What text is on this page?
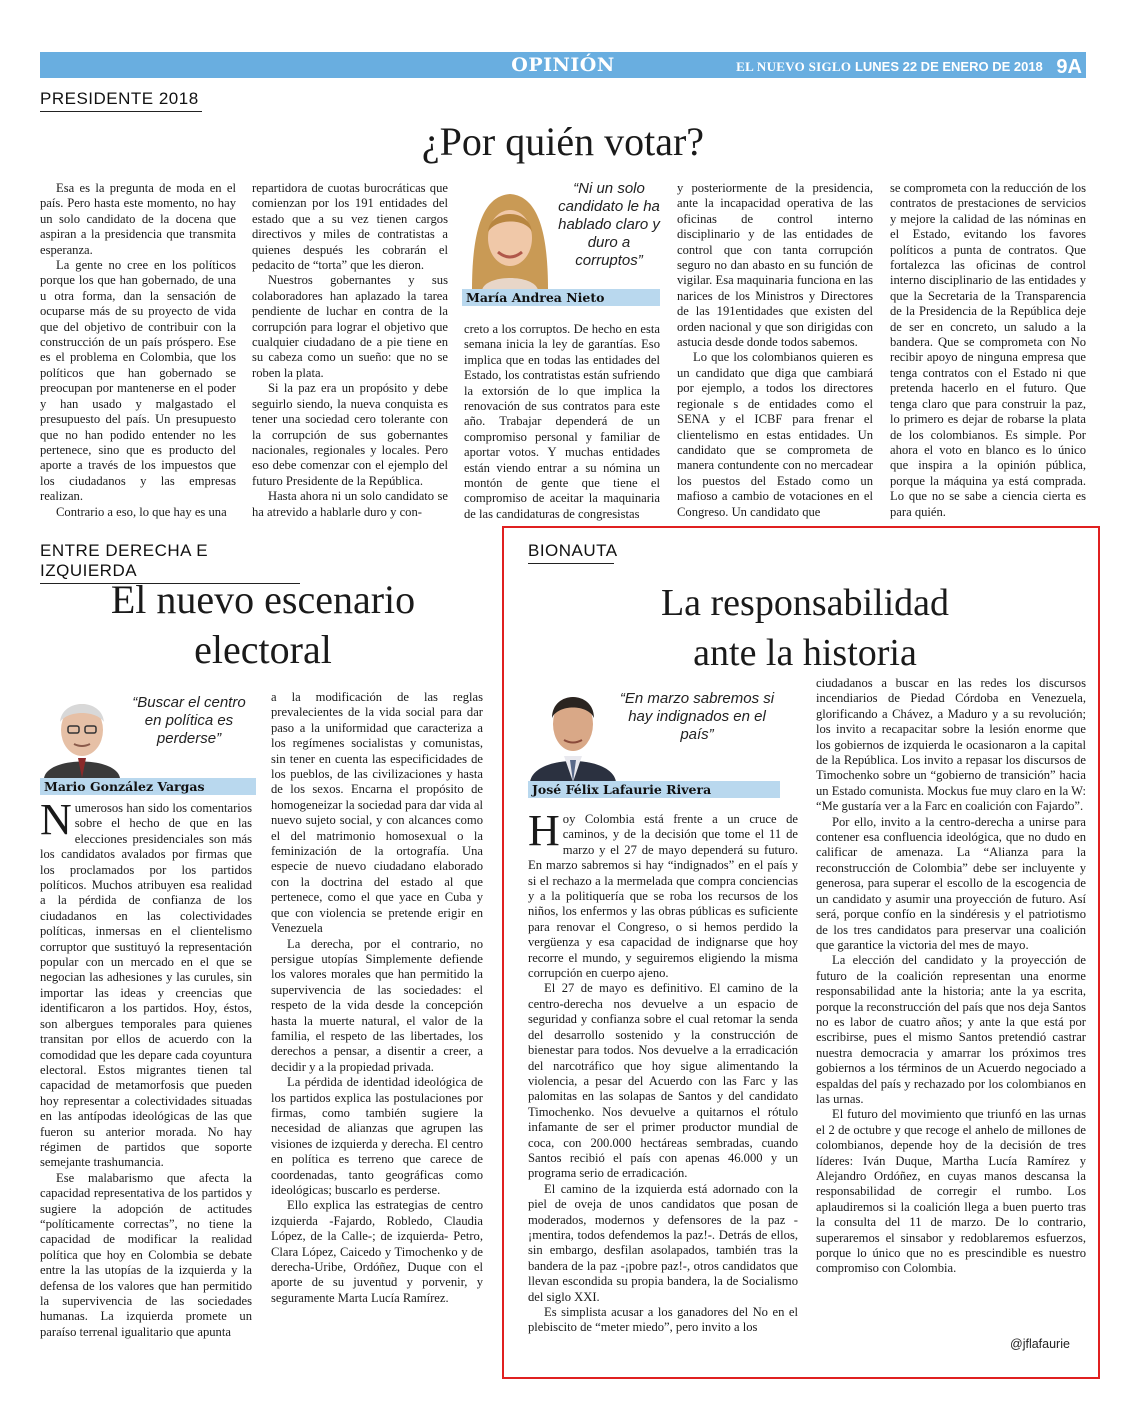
OPINIÓN	EL NUEVO SIGLO LUNES 22 DE ENERO DE 2018 9A
PRESIDENTE 2018
¿Por quién votar?

Esa es la pregunta de moda en el país. Pero hasta este momento, no hay un solo candidato de la docena que aspiran a la presidencia que transmita esperanza.

La gente no cree en los políticos porque los que han gobernado, de una u otra forma, dan la sensación de ocuparse más de su proyecto de vida que del objetivo de contribuir con la construcción de un país próspero. Ese es el problema en Colombia, que los políticos que han gobernado se preocupan por mantenerse en el poder y han usado y malgastado el presupuesto del país. Un presupuesto que no han podido entender no les pertenece, sino que es producto del aporte a través de los impuestos que los ciudadanos y las empresas realizan.

Contrario a eso, lo que hay es una

repartidora de cuotas burocráticas que comienzan por los 191 entidades del estado que a su vez tienen cargos directivos y miles de contratistas a quienes después les cobrarán el pedacito de “torta” que les dieron.

Nuestros gobernantes y sus colaboradores han aplazado la tarea pendiente de luchar en contra de la corrupción para lograr el objetivo que cualquier ciudadano de a pie tiene en su cabeza como un sueño: que no se roben la plata.

Si la paz era un propósito y debe seguirlo siendo, la nueva conquista es tener una sociedad cero tolerante con la corrupción de sus gobernantes nacionales, regionales y locales. Pero eso debe comenzar con el ejemplo del futuro Presidente de la República.

Hasta ahora ni un solo candidato se ha atrevido a hablarle duro y con-

“Ni un solo candidato le ha hablado claro y duro a corruptos”
María Andrea Nieto

creto a los corruptos. De hecho en esta semana inicia la ley de garantías. Eso implica que en todas las entidades del Estado, los contratistas están sufriendo la extorsión de lo que implica la renovación de sus contratos para este año. Trabajar dependerá de un compromiso personal y familiar de aportar votos. Y muchas entidades están viendo entrar a su nómina un montón de gente que tiene el compromiso de aceitar la maquinaria de las candidaturas de congresistas

y posteriormente de la presidencia, ante la incapacidad operativa de las oficinas de control interno disciplinario y de las entidades de control que con tanta corrupción seguro no dan abasto en su función de vigilar. Esa maquinaria funciona en las narices de los Ministros y Directores de las 191entidades que existen del orden nacional y que son dirigidas con astucia desde donde todos sabemos.

Lo que los colombianos quieren es un candidato que diga que cambiará por ejemplo, a todos los directores regionale s de entidades como el SENA y el ICBF para frenar el clientelismo en estas entidades. Un candidato que se comprometa de manera contundente con no mercadear los puestos del Estado como un mafioso a cambio de votaciones en el Congreso. Un candidato que

se comprometa con la reducción de los contratos de prestaciones de servicios y mejore la calidad de las nóminas en el Estado, evitando los favores políticos a punta de contratos. Que fortalezca las oficinas de control interno disciplinario de las entidades y que la Secretaria de la Transparencia de la Presidencia de la República deje de ser en concreto, un saludo a la bandera. Que se comprometa con No recibir apoyo de ninguna empresa que tenga contratos con el Estado ni que pretenda hacerlo en el futuro. Que tenga claro que para construir la paz, lo primero es dejar de robarse la plata de los colombianos. Es simple. Por ahora el voto en blanco es lo único que inspira a la opinión pública, porque la máquina ya está comprada. Lo que no se sabe a ciencia cierta es para quién.

ENTRE DERECHA E IZQUIERDA
El nuevo escenario
electoral
“Buscar el centro en política es perderse”
Mario González Vargas

Numerosos han sido los comentarios sobre el hecho de que en las elecciones presidenciales son más los candidatos avalados por firmas que los proclamados por los partidos políticos. Muchos atribuyen esa realidad a la pérdida de confianza de los ciudadanos en las colectividades políticas, inmersas en el clientelismo corruptor que sustituyó la representación popular con un mercado en el que se negocian las adhesiones y las curules, sin importar las ideas y creencias que identificaron a los partidos. Hoy, éstos, son albergues temporales para quienes transitan por ellos de acuerdo con la comodidad que les depare cada coyuntura electoral. Estos migrantes tienen tal capacidad de metamorfosis que pueden hoy representar a colectividades situadas en las antípodas ideológicas de las que fueron su anterior morada. No hay régimen de partidos que soporte semejante trashumancia.

Ese malabarismo que afecta la capacidad representativa de los partidos y sugiere la adopción de actitudes “políticamente correctas”, no tiene la capacidad de modificar la realidad política que hoy en Colombia se debate entre la las utopías de la izquierda y la defensa de los valores que han permitido la supervivencia de las sociedades humanas. La izquierda promete un paraíso terrenal igualitario que apunta

a la modificación de las reglas prevalecientes de la vida social para dar paso a la uniformidad que caracteriza a los regímenes socialistas y comunistas, sin tener en cuenta las especificidades de los pueblos, de las civilizaciones y hasta de los sexos. Encarna el propósito de homogeneizar la sociedad para dar vida al nuevo sujeto social, y con alcances como el del matrimonio homosexual o la feminización de la ortografía. Una especie de nuevo ciudadano elaborado con la doctrina del estado al que pertenece, como el que yace en Cuba y que con violencia se pretende erigir en Venezuela

La derecha, por el contrario, no persigue utopías Simplemente defiende los valores morales que han permitido la supervivencia de las sociedades: el respeto de la vida desde la concepción hasta la muerte natural, el valor de la familia, el respeto de las libertades, los derechos a pensar, a disentir a creer, a decidir y a la propiedad privada.

La pérdida de identidad ideológica de los partidos explica las postulaciones por firmas, como también sugiere la necesidad de alianzas que agrupen las visiones de izquierda y derecha. El centro en política es terreno que carece de coordenadas, tanto geográficas como ideológicas; buscarlo es perderse.

Ello explica las estrategias de centro izquierda -Fajardo, Robledo, Claudia López, de la Calle-; de izquierda- Petro, Clara López, Caicedo y Timochenko y de derecha-Uribe, Ordóñez, Duque con el aporte de su juventud y porvenir, y seguramente Marta Lucía Ramírez.

BIONAUTA
La responsabilidad
ante la historia
“En marzo sabremos si hay indignados en el país”
José Félix Lafaurie Rivera

Hoy Colombia está frente a un cruce de caminos, y de la decisión que tome el 11 de marzo y el 27 de mayo dependerá su futuro. En marzo sabremos si hay “indignados” en el país y si el rechazo a la mermelada que compra conciencias y a la politiquería que se roba los recursos de los niños, los enfermos y las obras públicas es suficiente para renovar el Congreso, o si hemos perdido la vergüenza y esa capacidad de indignarse que hoy recorre el mundo, y seguiremos eligiendo la misma corrupción en cuerpo ajeno.

El 27 de mayo es definitivo. El camino de la centro-derecha nos devuelve a un espacio de seguridad y confianza sobre el cual retomar la senda del desarrollo sostenido y la construcción de bienestar para todos. Nos devuelve a la erradicación del narcotráfico que hoy sigue alimentando la violencia, a pesar del Acuerdo con las Farc y las palomitas en las solapas de Santos y del candidato Timochenko. Nos devuelve a quitarnos el rótulo infamante de ser el primer productor mundial de coca, con 200.000 hectáreas sembradas, cuando Santos recibió el país con apenas 46.000 y un programa serio de erradicación.

El camino de la izquierda está adornado con la piel de oveja de unos candidatos que posan de moderados, modernos y defensores de la paz -¡mentira, todos defendemos la paz!-. Detrás de ellos, sin embargo, desfilan asolapados, también tras la bandera de la paz -¡pobre paz!-, otros candidatos que llevan escondida su propia bandera, la de Socialismo del siglo XXI.

Es simplista acusar a los ganadores del No en el plebiscito de “meter miedo”, pero invito a los

ciudadanos a buscar en las redes los discursos incendiarios de Piedad Córdoba en Venezuela, glorificando a Chávez, a Maduro y a su revolución; los invito a recapacitar sobre la lesión enorme que los gobiernos de izquierda le ocasionaron a la capital de la República. Los invito a repasar los discursos de Timochenko sobre un “gobierno de transición” hacia un Estado comunista. Mockus fue muy claro en la W: “Me gustaría ver a la Farc en coalición con Fajardo”.

Por ello, invito a la centro-derecha a unirse para contener esa confluencia ideológica, que no dudo en calificar de amenaza. La “Alianza para la reconstrucción de Colombia” debe ser incluyente y generosa, para superar el escollo de la escogencia de un candidato y asumir una proyección de futuro. Así será, porque confío en la sindéresis y el patriotismo de los tres candidatos para preservar una coalición que garantice la victoria del mes de mayo.

La elección del candidato y la proyección de futuro de la coalición representan una enorme responsabilidad ante la historia; ante la ya escrita, porque la reconstrucción del país que nos deja Santos no es labor de cuatro años; y ante la que está por escribirse, pues el mismo Santos pretendió castrar nuestra democracia y amarrar los próximos tres gobiernos a los términos de un Acuerdo negociado a espaldas del país y rechazado por los colombianos en las urnas.

El futuro del movimiento que triunfó en las urnas el 2 de octubre y que recoge el anhelo de millones de colombianos, depende hoy de la decisión de tres líderes: Iván Duque, Martha Lucía Ramírez y Alejandro Ordóñez, en cuyas manos descansa la responsabilidad de corregir el rumbo. Los aplaudiremos si la coalición llega a buen puerto tras la consulta del 11 de marzo. De lo contrario, superaremos el sinsabor y redoblaremos esfuerzos, porque lo único que no es prescindible es nuestro compromiso con Colombia.

@jflafaurie
